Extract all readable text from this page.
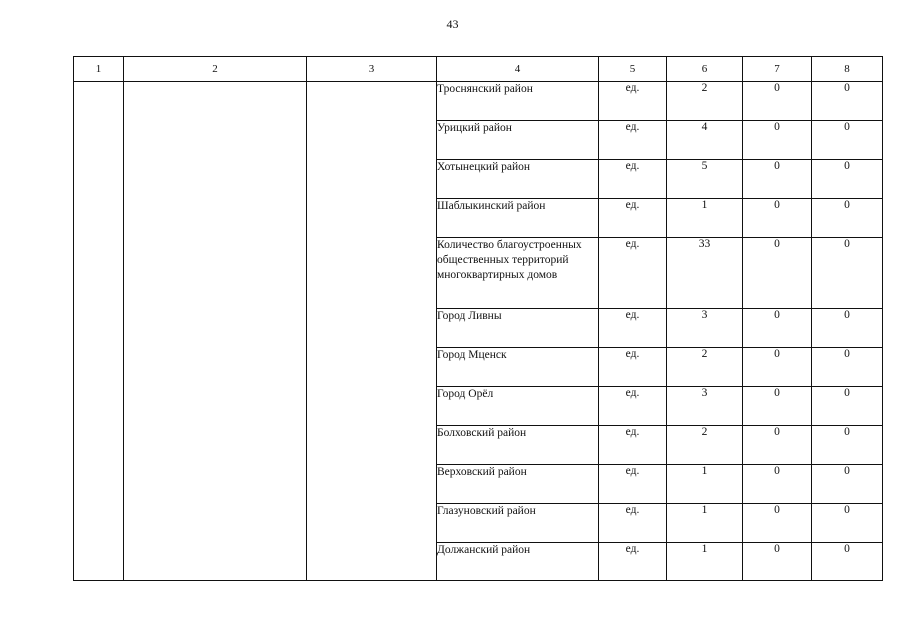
43
1	2	3	4	5	6	7	8
			Троснянский район	ед.	2	0	0
			Урицкий район	ед.	4	0	0
			Хотынецкий район	ед.	5	0	0
			Шаблыкинский район	ед.	1	0	0
			Количество благоустроенных общественных территорий многоквартирных домов	ед.	33	0	0
			Город Ливны	ед.	3	0	0
			Город Мценск	ед.	2	0	0
			Город Орёл	ед.	3	0	0
			Болховский район	ед.	2	0	0
			Верховский район	ед.	1	0	0
			Глазуновский район	ед.	1	0	0
			Должанский район	ед.	1	0	0
